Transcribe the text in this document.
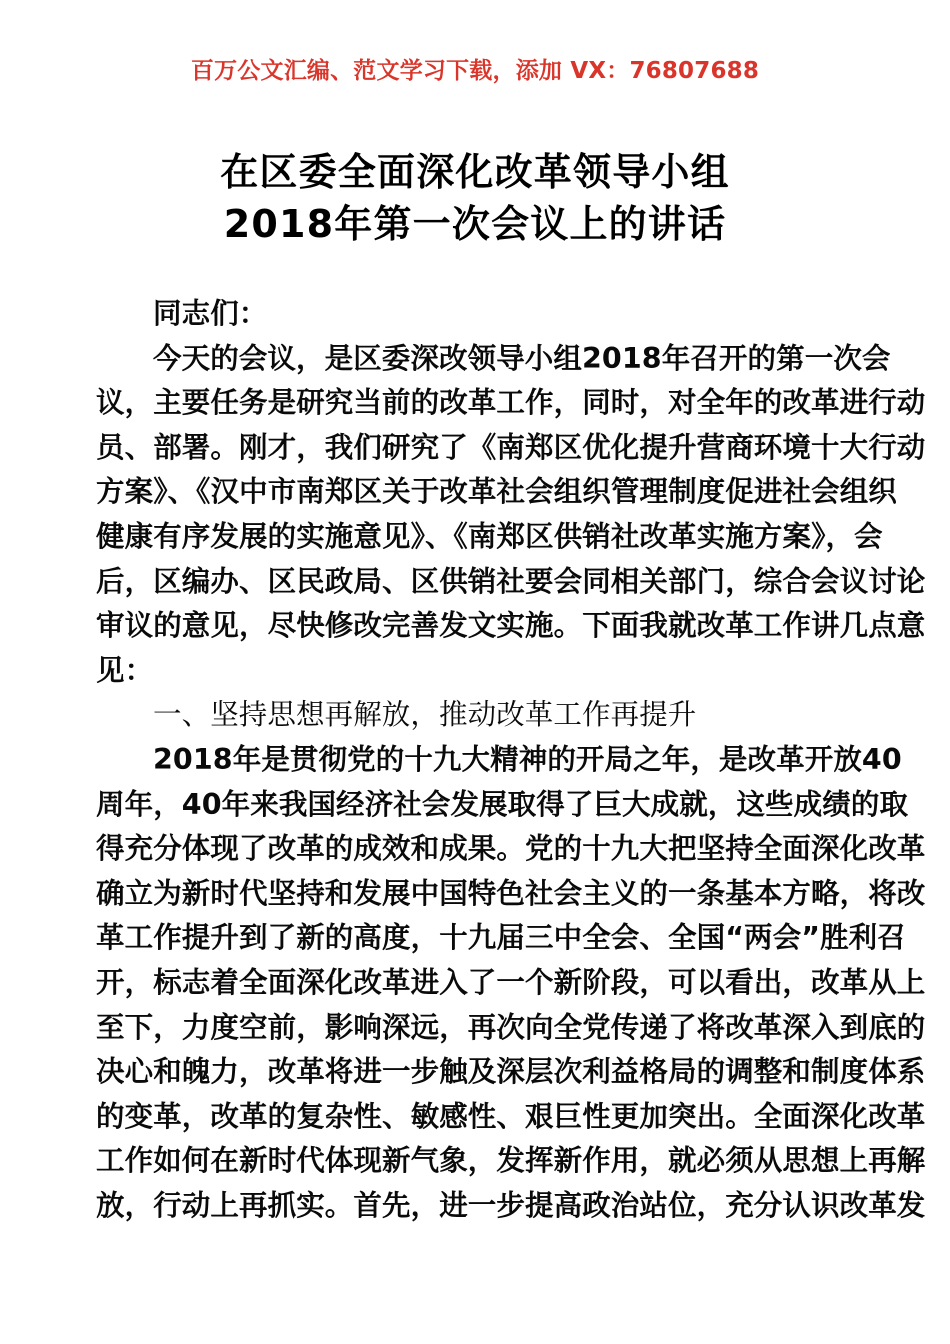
百万公文汇编、范文学习下载，添加 VX：76807688
在区委全面深化改革领导小组
2018年第一次会议上的讲话
同志们：
今天的会议，是区委深改领导小组2018年召开的第一次会
议，主要任务是研究当前的改革工作，同时，对全年的改革进行动
员、部署。刚才，我们研究了《南郑区优化提升营商环境十大行动
方案》、《汉中市南郑区关于改革社会组织管理制度促进社会组织
健康有序发展的实施意见》、《南郑区供销社改革实施方案》，会
后，区编办、区民政局、区供销社要会同相关部门，综合会议讨论
审议的意见，尽快修改完善发文实施。下面我就改革工作讲几点意
见：
一、坚持思想再解放，推动改革工作再提升
2018年是贯彻党的十九大精神的开局之年，是改革开放40
周年，40年来我国经济社会发展取得了巨大成就，这些成绩的取
得充分体现了改革的成效和成果。党的十九大把坚持全面深化改革
确立为新时代坚持和发展中国特色社会主义的一条基本方略，将改
革工作提升到了新的高度，十九届三中全会、全国“两会”胜利召
开，标志着全面深化改革进入了一个新阶段，可以看出，改革从上
至下，力度空前，影响深远，再次向全党传递了将改革深入到底的
决心和魄力，改革将进一步触及深层次利益格局的调整和制度体系
的变革，改革的复杂性、敏感性、艰巨性更加突出。全面深化改革
工作如何在新时代体现新气象，发挥新作用，就必须从思想上再解
放，行动上再抓实。首先，进一步提高政治站位，充分认识改革发
